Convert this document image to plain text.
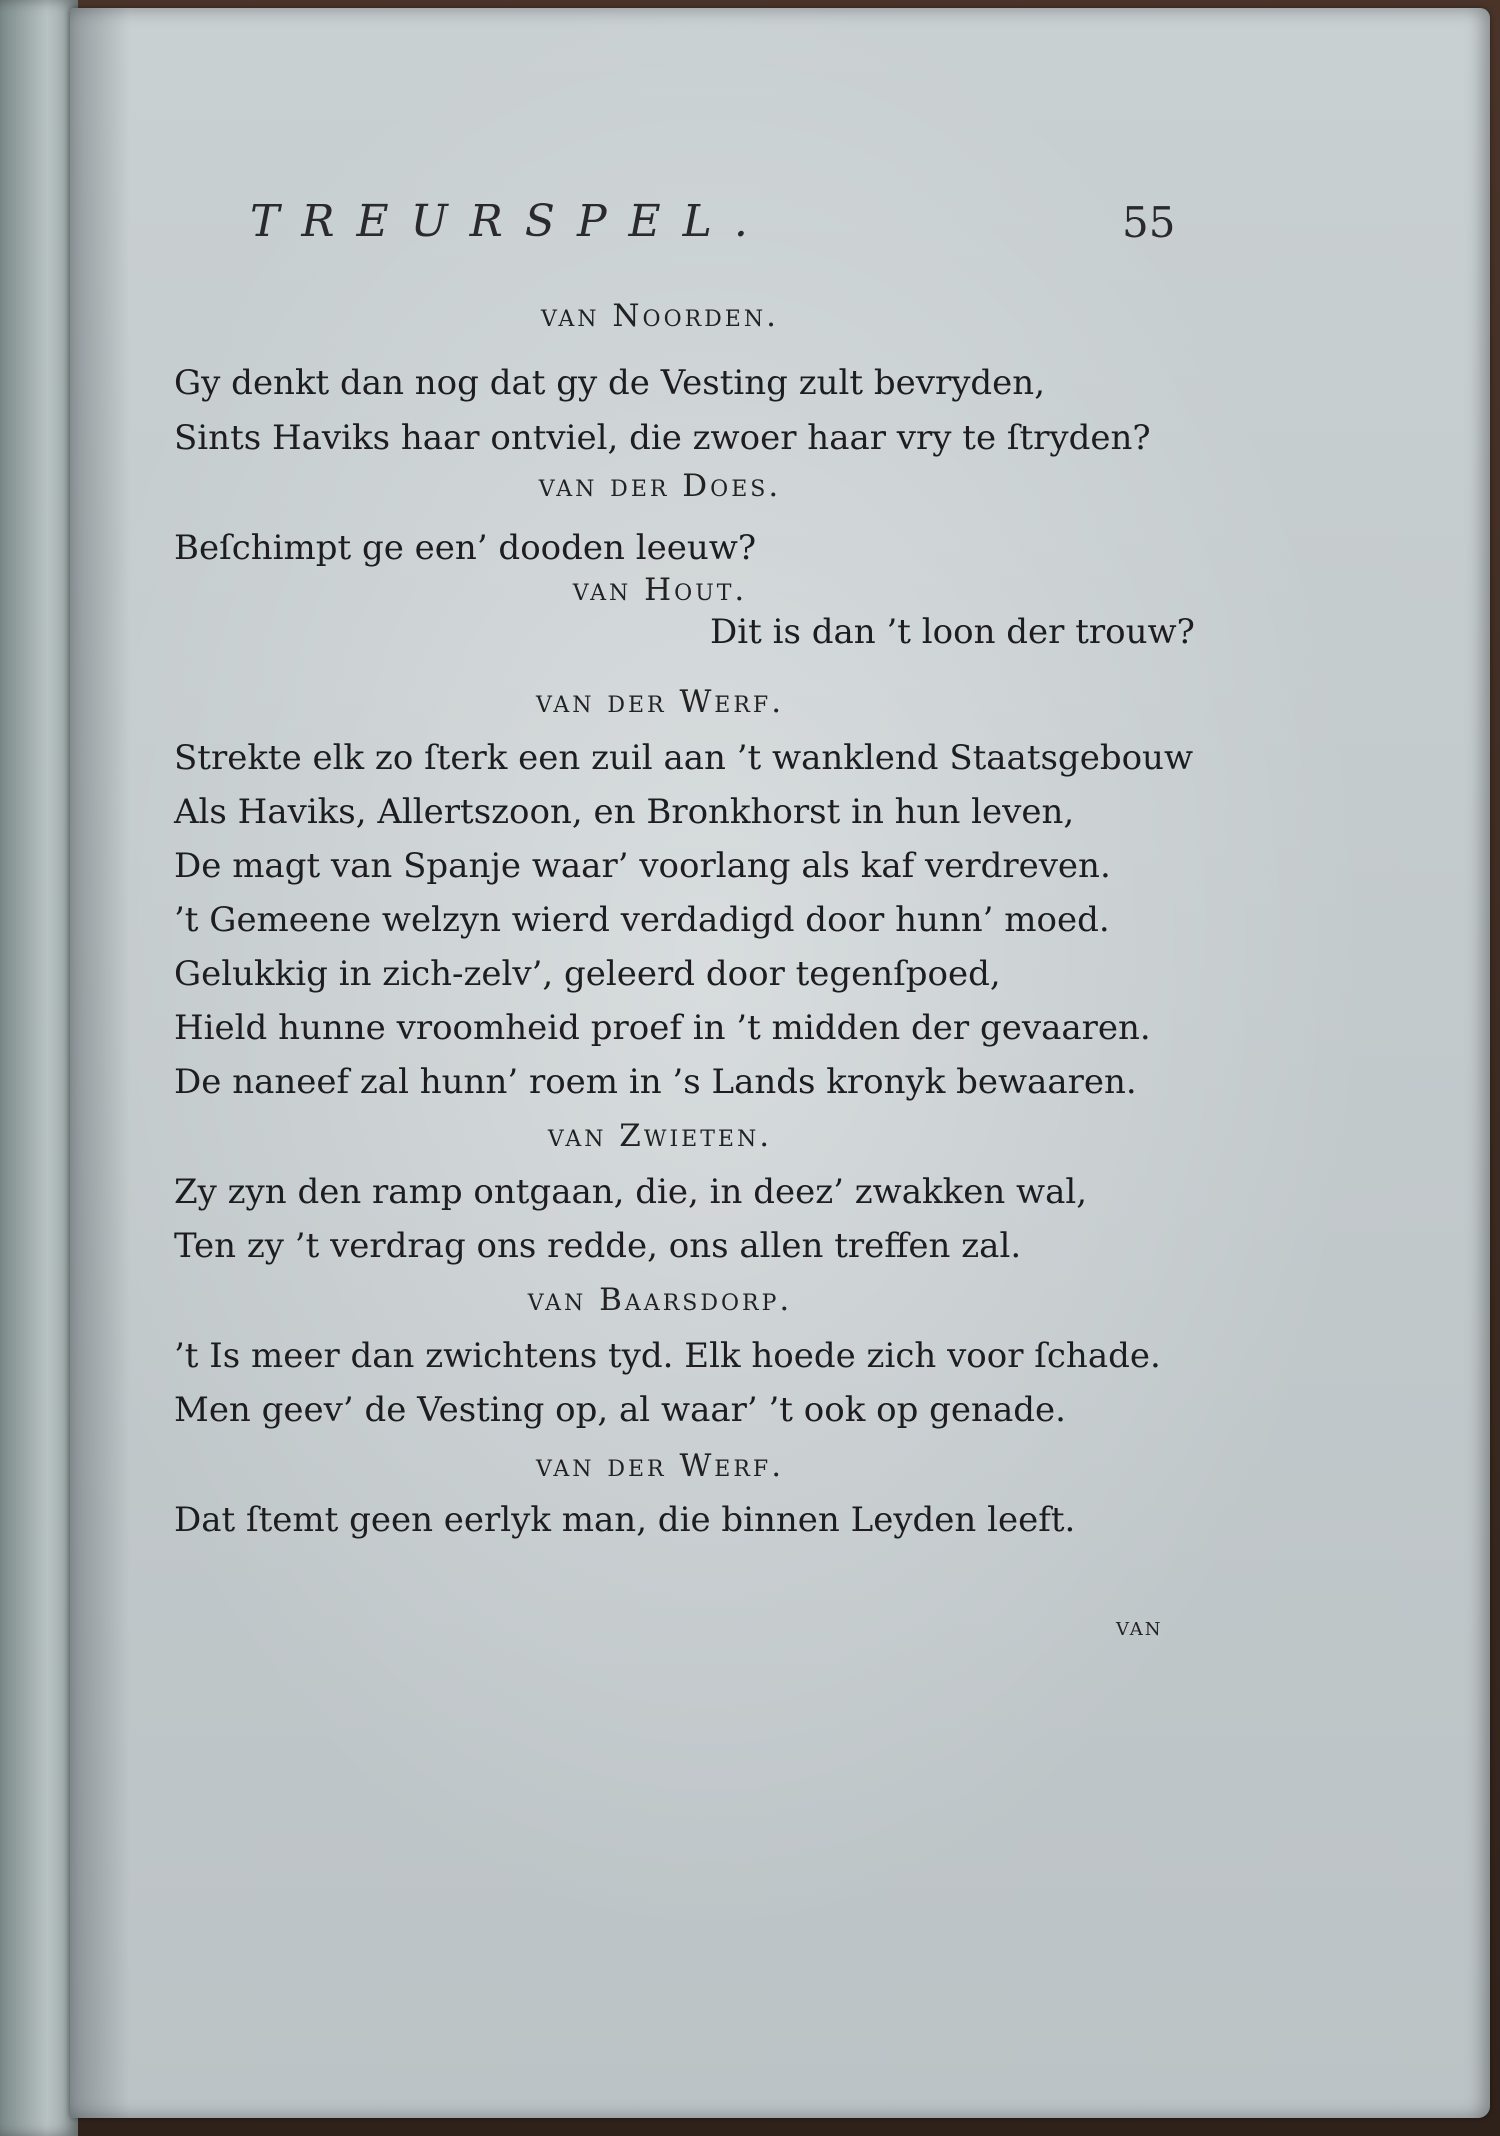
TREURSPEL.	55
van Noorden.
Gy denkt dan nog dat gy de Vesting zult bevryden,
Sints Haviks haar ontviel, die zwoer haar vry te ſtryden?
van der Does.
Beſchimpt ge een’ dooden leeuw?
van Hout.
Dit is dan ’t loon der trouw?
van der Werf.
Strekte elk zo ſterk een zuil aan ’t wanklend Staatsgebouw
Als Haviks, Allertszoon, en Bronkhorst in hun leven,
De magt van Spanje waar’ voorlang als kaf verdreven.
’t Gemeene welzyn wierd verdadigd door hunn’ moed.
Gelukkig in zich-zelv’, geleerd door tegenſpoed,
Hield hunne vroomheid proef in ’t midden der gevaaren.
De naneef zal hunn’ roem in ’s Lands kronyk bewaaren.
van Zwieten.
Zy zyn den ramp ontgaan, die, in deez’ zwakken wal,
Ten zy ’t verdrag ons redde, ons allen treffen zal.
van Baarsdorp.
’t Is meer dan zwichtens tyd. Elk hoede zich voor ſchade.
Men geev’ de Vesting op, al waar’ ’t ook op genade.
van der Werf.
Dat ſtemt geen eerlyk man, die binnen Leyden leeft.
van
